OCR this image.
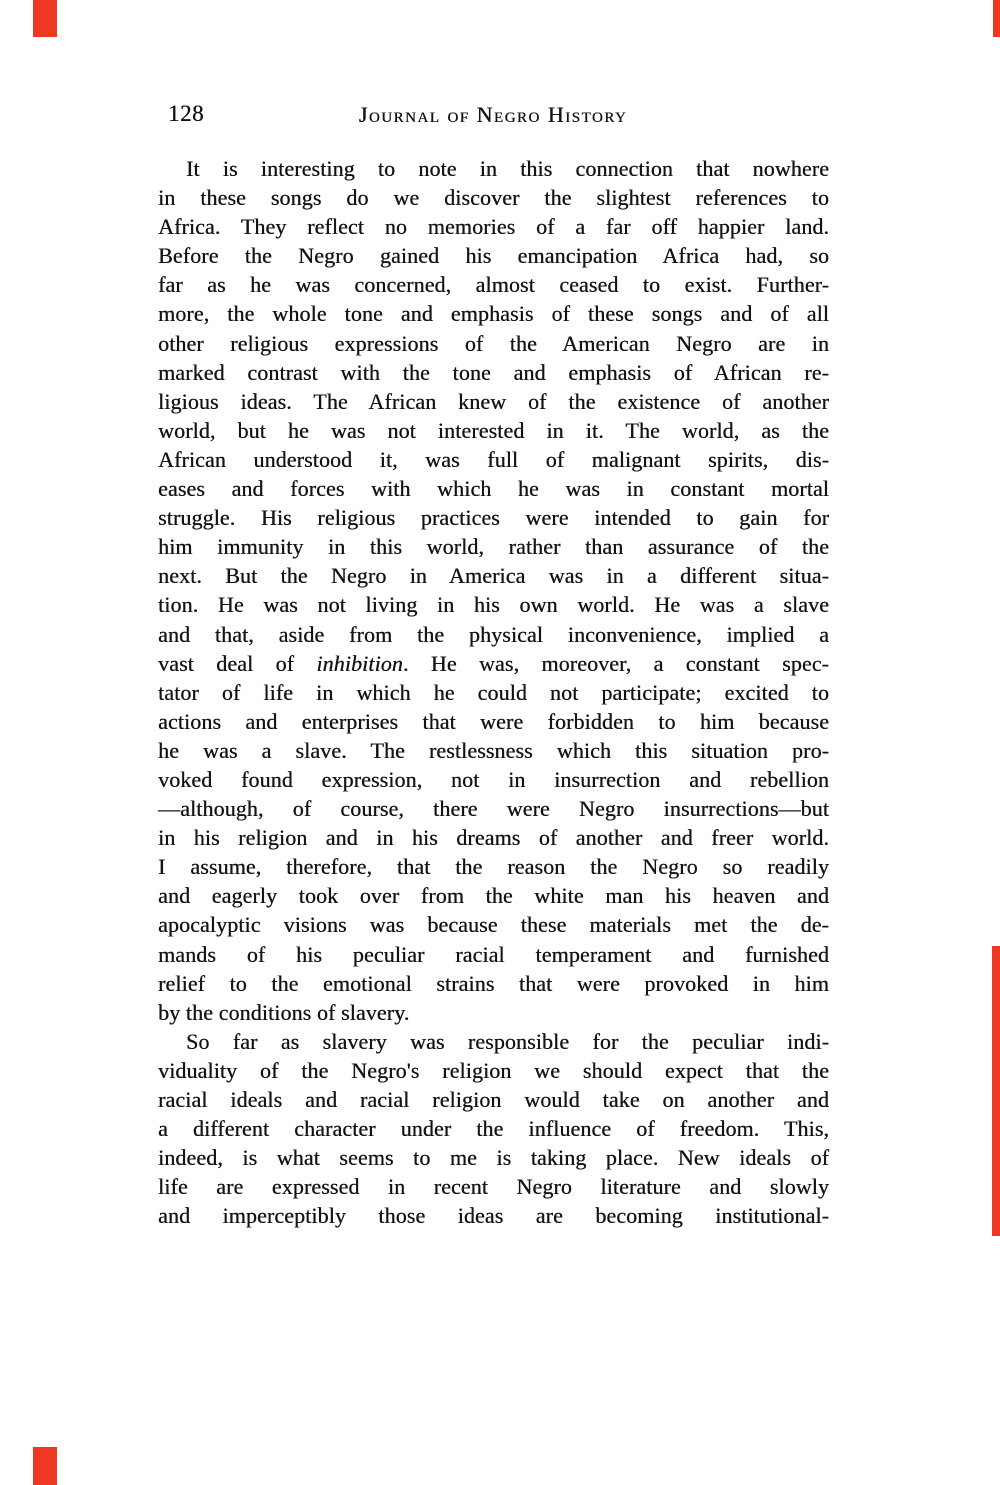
128	Journal of Negro History
It is interesting to note in this connection that nowhere
in these songs do we discover the slightest references to
Africa. They reflect no memories of a far off happier land.
Before the Negro gained his emancipation Africa had, so
far as he was concerned, almost ceased to exist. Further-
more, the whole tone and emphasis of these songs and of all
other religious expressions of the American Negro are in
marked contrast with the tone and emphasis of African re-
ligious ideas. The African knew of the existence of another
world, but he was not interested in it. The world, as the
African understood it, was full of malignant spirits, dis-
eases and forces with which he was in constant mortal
struggle. His religious practices were intended to gain for
him immunity in this world, rather than assurance of the
next. But the Negro in America was in a different situa-
tion. He was not living in his own world. He was a slave
and that, aside from the physical inconvenience, implied a
vast deal of inhibition. He was, moreover, a constant spec-
tator of life in which he could not participate; excited to
actions and enterprises that were forbidden to him because
he was a slave. The restlessness which this situation pro-
voked found expression, not in insurrection and rebellion
—although, of course, there were Negro insurrections—but
in his religion and in his dreams of another and freer world.
I assume, therefore, that the reason the Negro so readily
and eagerly took over from the white man his heaven and
apocalyptic visions was because these materials met the de-
mands of his peculiar racial temperament and furnished
relief to the emotional strains that were provoked in him
by the conditions of slavery.
So far as slavery was responsible for the peculiar indi-
viduality of the Negro's religion we should expect that the
racial ideals and racial religion would take on another and
a different character under the influence of freedom. This,
indeed, is what seems to me is taking place. New ideals of
life are expressed in recent Negro literature and slowly
and imperceptibly those ideas are becoming institutional-
